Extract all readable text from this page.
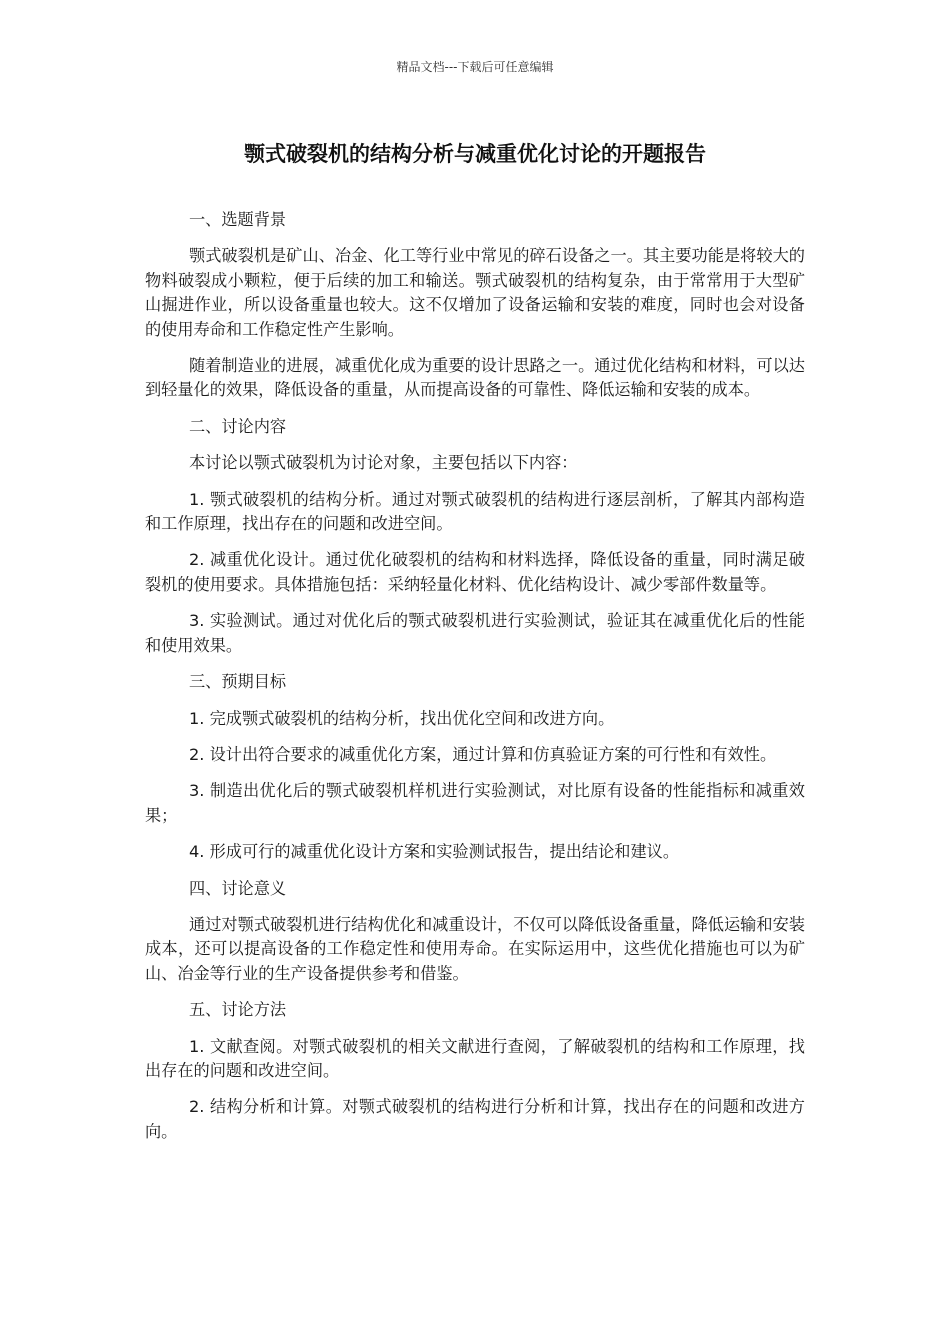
精品文档---下载后可任意编辑
颚式破裂机的结构分析与减重优化讨论的开题报告

一、选题背景

颚式破裂机是矿山、冶金、化工等行业中常见的碎石设备之一。其主要功能是将较大的物料破裂成小颗粒，便于后续的加工和输送。颚式破裂机的结构复杂，由于常常用于大型矿山掘进作业，所以设备重量也较大。这不仅增加了设备运输和安装的难度，同时也会对设备的使用寿命和工作稳定性产生影响。

随着制造业的进展，减重优化成为重要的设计思路之一。通过优化结构和材料，可以达到轻量化的效果，降低设备的重量，从而提高设备的可靠性、降低运输和安装的成本。

二、讨论内容

本讨论以颚式破裂机为讨论对象，主要包括以下内容：

1. 颚式破裂机的结构分析。通过对颚式破裂机的结构进行逐层剖析，了解其内部构造和工作原理，找出存在的问题和改进空间。

2. 减重优化设计。通过优化破裂机的结构和材料选择，降低设备的重量，同时满足破裂机的使用要求。具体措施包括：采纳轻量化材料、优化结构设计、减少零部件数量等。

3. 实验测试。通过对优化后的颚式破裂机进行实验测试，验证其在减重优化后的性能和使用效果。

三、预期目标

1. 完成颚式破裂机的结构分析，找出优化空间和改进方向。

2. 设计出符合要求的减重优化方案，通过计算和仿真验证方案的可行性和有效性。

3. 制造出优化后的颚式破裂机样机进行实验测试，对比原有设备的性能指标和减重效果；

4. 形成可行的减重优化设计方案和实验测试报告，提出结论和建议。

四、讨论意义

通过对颚式破裂机进行结构优化和减重设计，不仅可以降低设备重量，降低运输和安装成本，还可以提高设备的工作稳定性和使用寿命。在实际运用中，这些优化措施也可以为矿山、冶金等行业的生产设备提供参考和借鉴。

五、讨论方法

1. 文献查阅。对颚式破裂机的相关文献进行查阅，了解破裂机的结构和工作原理，找出存在的问题和改进空间。

2. 结构分析和计算。对颚式破裂机的结构进行分析和计算，找出存在的问题和改进方向。
